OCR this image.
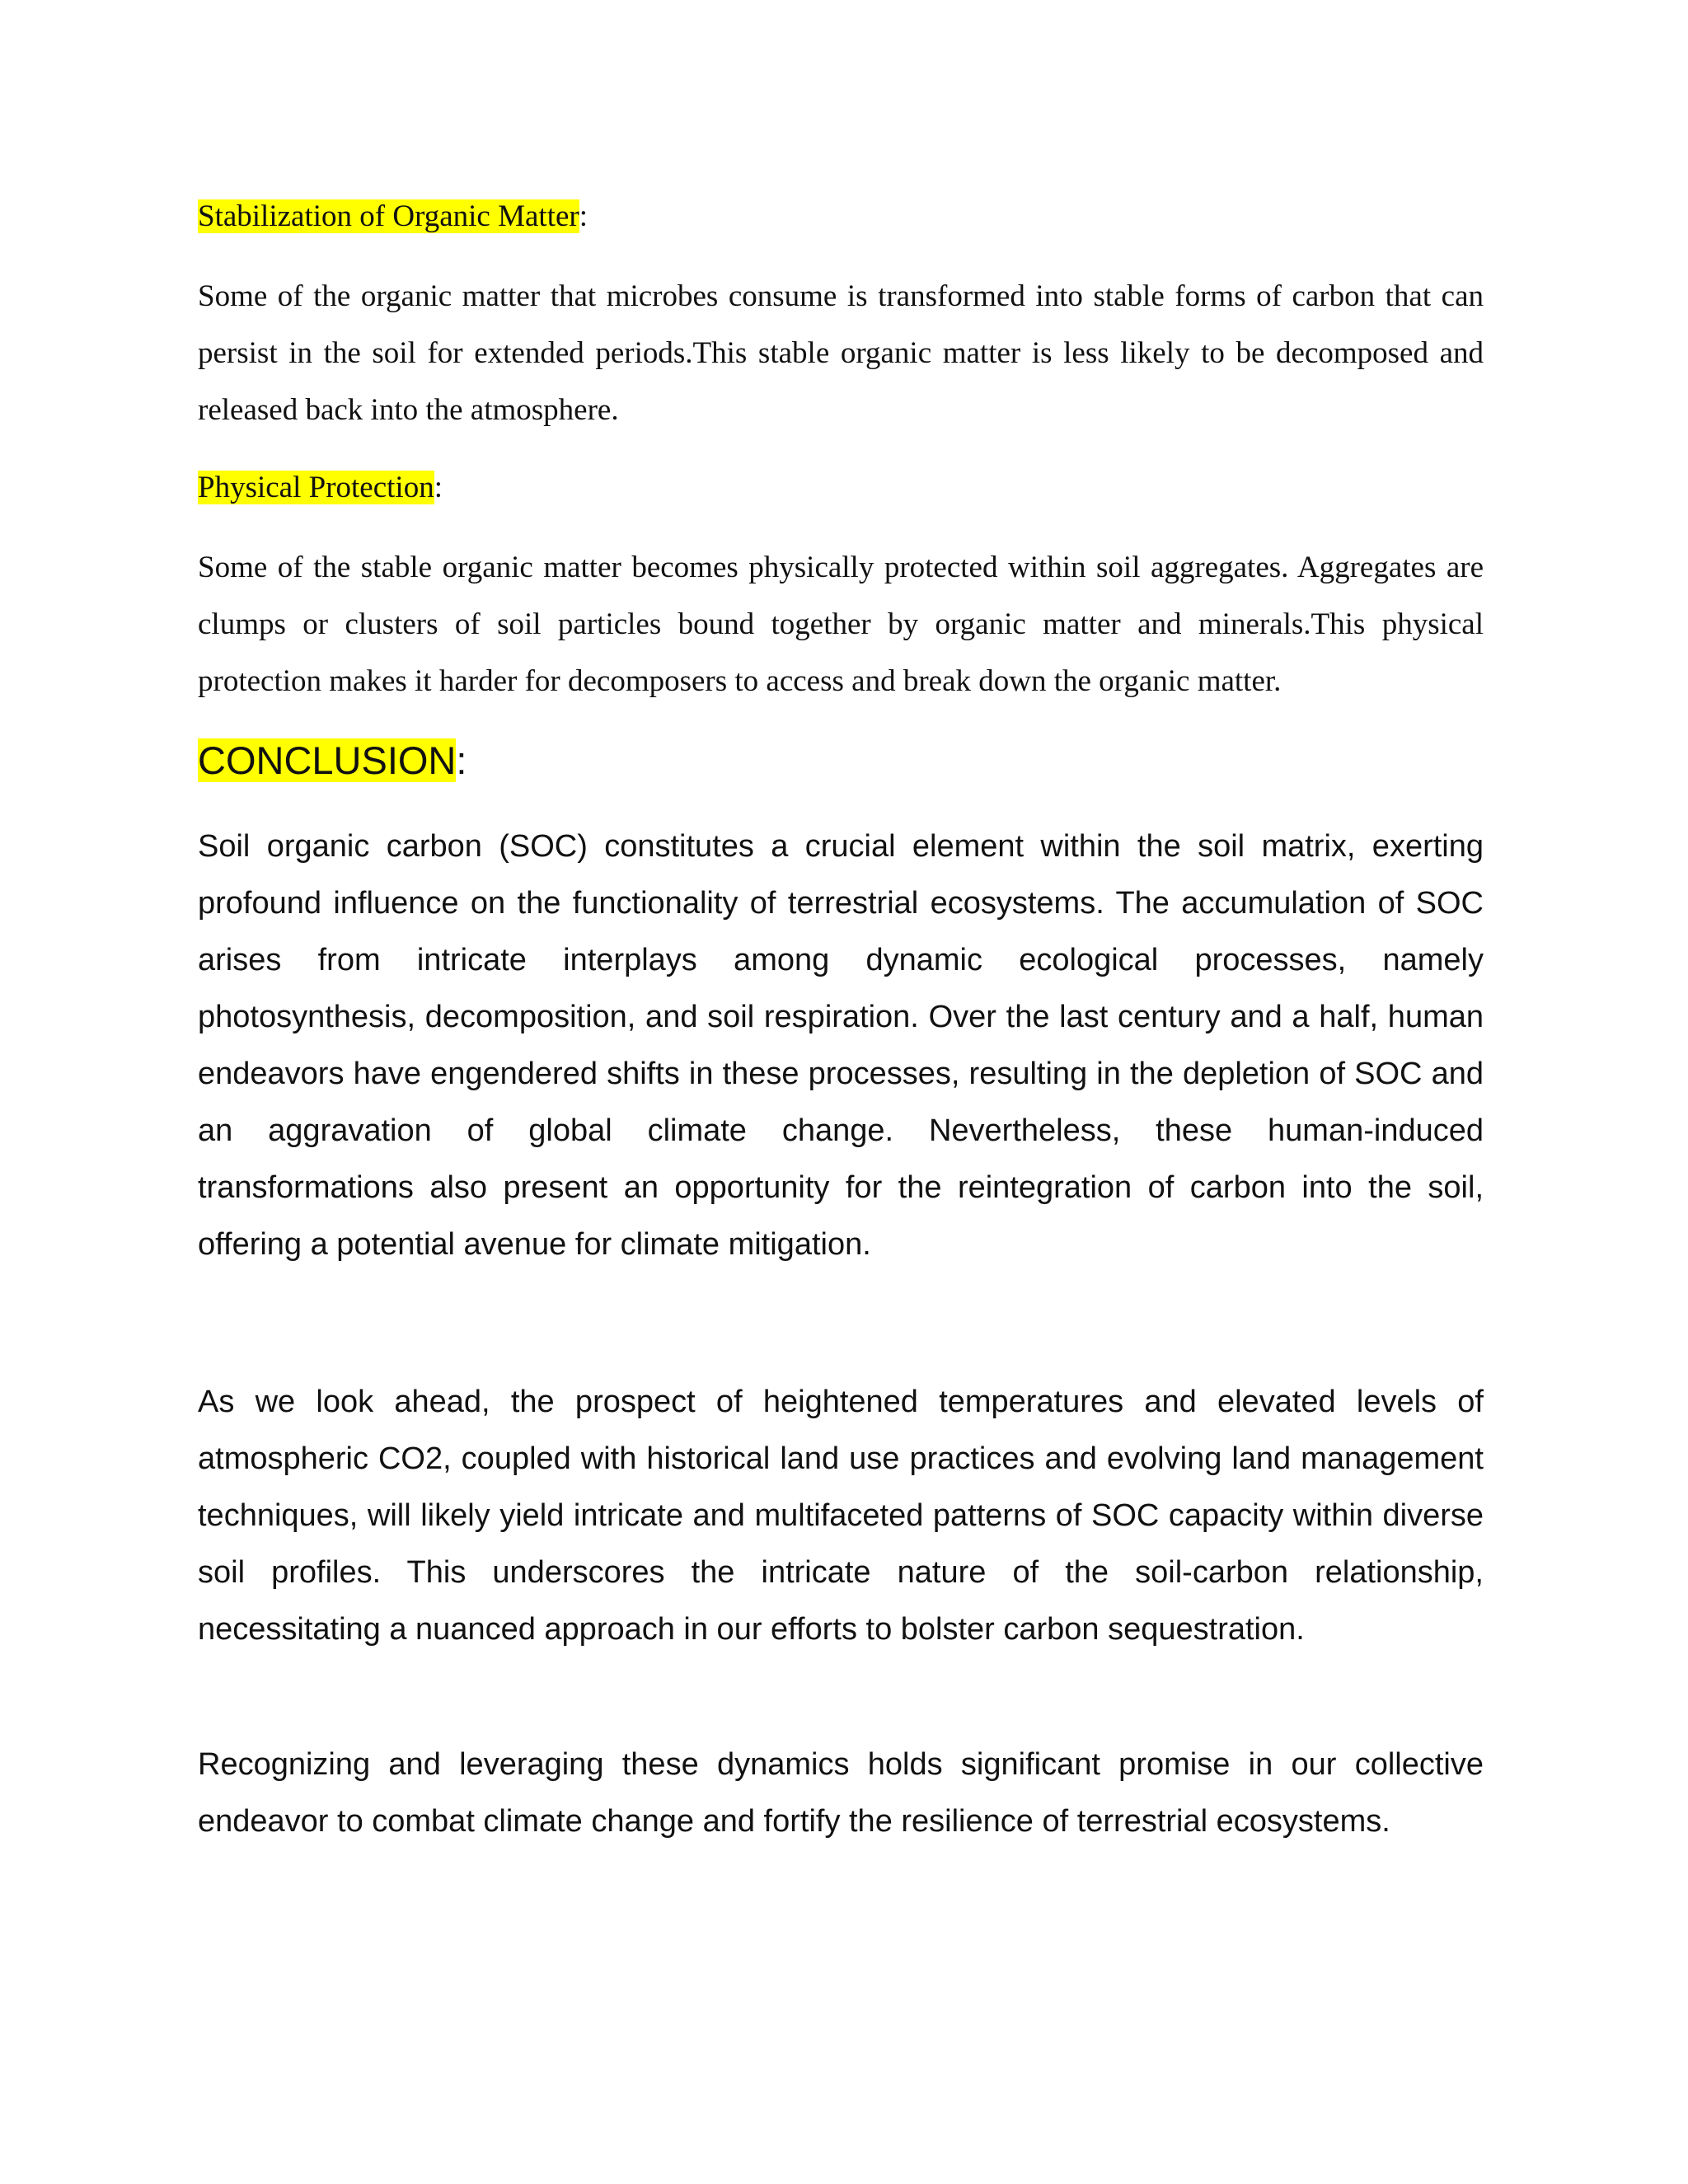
Stabilization of Organic Matter:

Some of the organic matter that microbes consume is transformed into stable forms of carbon that can persist in the soil for extended periods.This stable organic matter is less likely to be decomposed and released back into the atmosphere.

Physical Protection:

Some of the stable organic matter becomes physically protected within soil aggregates. Aggregates are clumps or clusters of soil particles bound together by organic matter and minerals.This physical protection makes it harder for decomposers to access and break down the organic matter.

CONCLUSION:

Soil organic carbon (SOC) constitutes a crucial element within the soil matrix, exerting profound influence on the functionality of terrestrial ecosystems. The accumulation of SOC arises from intricate interplays among dynamic ecological processes, namely photosynthesis, decomposition, and soil respiration. Over the last century and a half, human endeavors have engendered shifts in these processes, resulting in the depletion of SOC and an aggravation of global climate change. Nevertheless, these human-induced transformations also present an opportunity for the reintegration of carbon into the soil, offering a potential avenue for climate mitigation.

As we look ahead, the prospect of heightened temperatures and elevated levels of atmospheric CO2, coupled with historical land use practices and evolving land management techniques, will likely yield intricate and multifaceted patterns of SOC capacity within diverse soil profiles. This underscores the intricate nature of the soil-carbon relationship, necessitating a nuanced approach in our efforts to bolster carbon sequestration.

Recognizing and leveraging these dynamics holds significant promise in our collective endeavor to combat climate change and fortify the resilience of terrestrial ecosystems.
